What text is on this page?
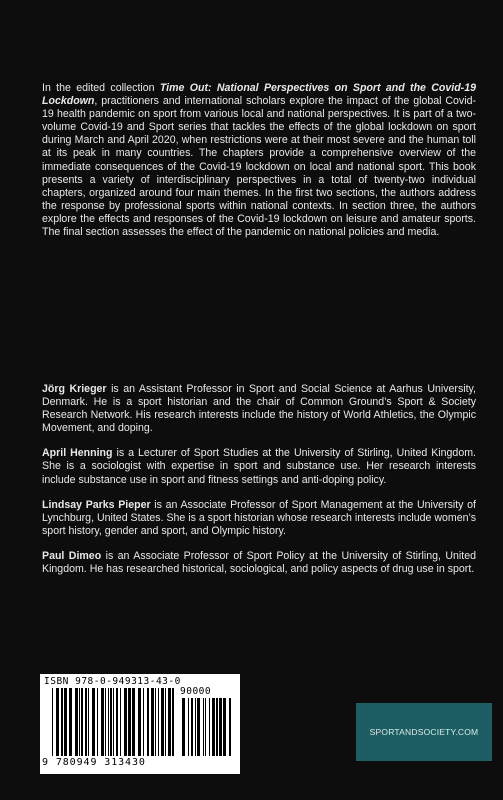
In the edited collection Time Out: National Perspectives on Sport and the Covid-19 Lockdown, practitioners and international scholars explore the impact of the global Covid-19 health pandemic on sport from various local and national perspectives. It is part of a two-volume Covid-19 and Sport series that tackles the effects of the global lockdown on sport during March and April 2020, when restrictions were at their most severe and the human toll at its peak in many countries. The chapters provide a comprehensive overview of the immediate consequences of the Covid-19 lockdown on local and national sport. This book presents a variety of interdisciplinary perspectives in a total of twenty-two individual chapters, organized around four main themes. In the first two sections, the authors address the response by professional sports within national contexts. In section three, the authors explore the effects and responses of the Covid-19 lockdown on leisure and amateur sports. The final section assesses the effect of the pandemic on national policies and media.

Jörg Krieger is an Assistant Professor in Sport and Social Science at Aarhus University, Denmark. He is a sport historian and the chair of Common Ground’s Sport & Society Research Network. His research interests include the history of World Athletics, the Olympic Movement, and doping.

April Henning is a Lecturer of Sport Studies at the University of Stirling, United Kingdom. She is a sociologist with expertise in sport and substance use. Her research interests include substance use in sport and fitness settings and anti-doping policy.

Lindsay Parks Pieper is an Associate Professor of Sport Management at the University of Lynchburg, United States. She is a sport historian whose research interests include women’s sport history, gender and sport, and Olympic history.

Paul Dimeo is an Associate Professor of Sport Policy at the University of Stirling, United Kingdom. He has researched historical, sociological, and policy aspects of drug use in sport.

ISBN 978-0-949313-43-0
90000
9 780949 313430
SPORTANDSOCIETY.COM
